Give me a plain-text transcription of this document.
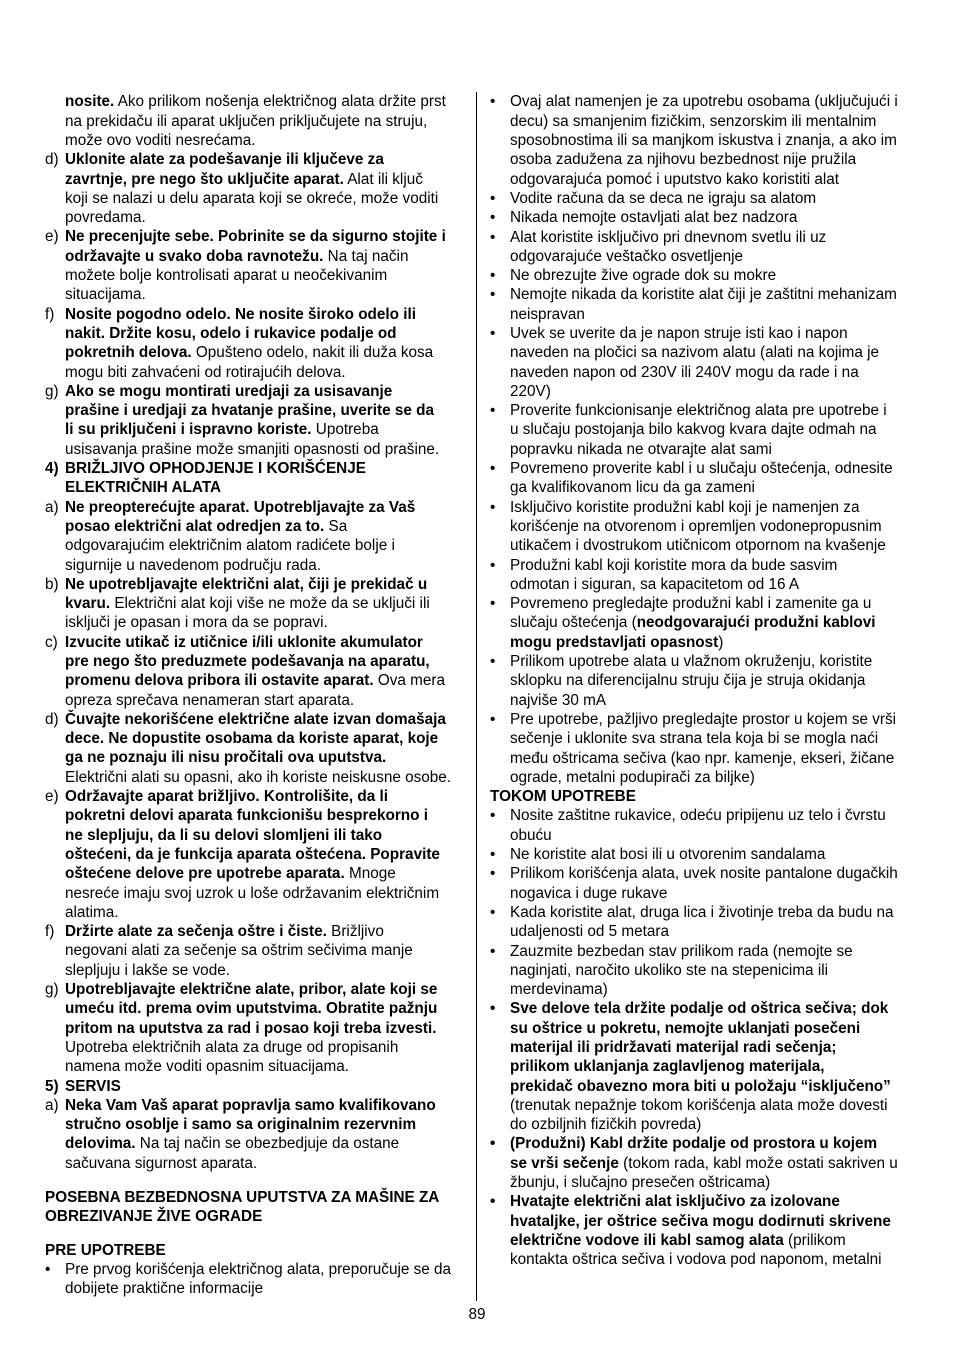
nosite. Ako prilikom nošenja električnog alata držite prst
na prekidaču ili aparat uključen priključujete na struju,
može ovo voditi nesrećama.
d) Uklonite alate za podešavanje ili ključeve za
zavrtnje, pre nego što uključite aparat. Alat ili ključ
koji se nalazi u delu aparata koji se okreće, može voditi
povredama.
e) Ne precenjujte sebe. Pobrinite se da sigurno stojite i
održavajte u svako doba ravnotežu. Na taj način
možete bolje kontrolisati aparat u neočekivanim
situacijama.
f) Nosite pogodno odelo. Ne nosite široko odelo ili
nakit. Držite kosu, odelo i rukavice podalje od
pokretnih delova. Opušteno odelo, nakit ili duža kosa
mogu biti zahvaćeni od rotirajućih delova.
g) Ako se mogu montirati uredjaji za usisavanje
prašine i uredjaji za hvatanje prašine, uverite se da
li su priključeni i ispravno koriste. Upotreba
usisavanja prašine može smanjiti opasnosti od prašine.
4) BRIŽLJIVO OPHODJENJE I KORIŠĆENJE
ELEKTRIČNIH ALATA
a) Ne preopterećujte aparat. Upotrebljavajte za Vaš
posao električni alat odredjen za to. Sa
odgovarajućim električnim alatom radićete bolje i
sigurnije u navedenom području rada.
b) Ne upotrebljavajte električni alat, čiji je prekidač u
kvaru. Električni alat koji više ne može da se uključi ili
isključi je opasan i mora da se popravi.
c) Izvucite utikač iz utičnice i/ili uklonite akumulator
pre nego što preduzmete podešavanja na aparatu,
promenu delova pribora ili ostavite aparat. Ova mera
opreza sprečava nenameran start aparata.
d) Čuvajte nekorišćene električne alate izvan domašaja
dece. Ne dopustite osobama da koriste aparat, koje
ga ne poznaju ili nisu pročitali ova uputstva.
Električni alati su opasni, ako ih koriste neiskusne osobe.
e) Održavajte aparat brižljivo. Kontrolišite, da li
pokretni delovi aparata funkcionišu besprekorno i
ne slepljuju, da li su delovi slomljeni ili tako
oštećeni, da je funkcija aparata oštećena. Popravite
oštećene delove pre upotrebe aparata. Mnoge
nesreće imaju svoj uzrok u loše održavanim električnim
alatima.
f) Držirte alate za sečenja oštre i čiste. Brižljivo
negovani alati za sečenje sa oštrim sečivima manje
slepljuju i lakše se vode.
g) Upotrebljavajte električne alate, pribor, alate koji se
umeću itd. prema ovim uputstvima. Obratite pažnju
pritom na uputstva za rad i posao koji treba izvesti.
Upotreba električnih alata za druge od propisanih
namena može voditi opasnim situacijama.
5) SERVIS
a) Neka Vam Vaš aparat popravlja samo kvalifikovano
stručno osoblje i samo sa originalnim rezervnim
delovima. Na taj način se obezbedjuje da ostane
sačuvana sigurnost aparata.
POSEBNA BEZBEDNOSNA UPUTSTVA ZA MAŠINE ZA
OBREZIVANJE ŽIVE OGRADE
PRE UPOTREBE
• Pre prvog korišćenja električnog alata, preporučuje se da
dobijete praktične informacije
• Ovaj alat namenjen je za upotrebu osobama (uključujući i
decu) sa smanjenim fizičkim, senzorskim ili mentalnim
sposobnostima ili sa manjkom iskustva i znanja, a ako im
osoba zadužena za njihovu bezbednost nije pružila
odgovarajuća pomoć i uputstvo kako koristiti alat
• Vodite računa da se deca ne igraju sa alatom
• Nikada nemojte ostavljati alat bez nadzora
• Alat koristite isključivo pri dnevnom svetlu ili uz
odgovarajuće veštačko osvetljenje
• Ne obrezujte žive ograde dok su mokre
• Nemojte nikada da koristite alat čiji je zaštitni mehanizam
neispravan
• Uvek se uverite da je napon struje isti kao i napon
naveden na pločici sa nazivom alatu (alati na kojima je
naveden napon od 230V ili 240V mogu da rade i na
220V)
• Proverite funkcionisanje električnog alata pre upotrebe i
u slučaju postojanja bilo kakvog kvara dajte odmah na
popravku nikada ne otvarajte alat sami
• Povremeno proverite kabl i u slučaju oštećenja, odnesite
ga kvalifikovanom licu da ga zameni
• Isključivo koristite produžni kabl koji je namenjen za
korišćenje na otvorenom i opremljen vodonepropusnim
utikačem i dvostrukom utičnicom otpornom na kvašenje
• Produžni kabl koji koristite mora da bude sasvim
odmotan i siguran, sa kapacitetom od 16 A
• Povremeno pregledajte produžni kabl i zamenite ga u
slučaju oštećenja (neodgovarajući produžni kablovi
mogu predstavljati opasnost)
• Prilikom upotrebe alata u vlažnom okruženju, koristite
sklopku na diferencijalnu struju čija je struja okidanja
najviše 30 mA
• Pre upotrebe, pažljivo pregledajte prostor u kojem se vrši
sečenje i uklonite sva strana tela koja bi se mogla naći
među oštricama sečiva (kao npr. kamenje, ekseri, žičane
ograde, metalni podupirači za biljke)
TOKOM UPOTREBE
• Nosite zaštitne rukavice, odeću pripijenu uz telo i čvrstu
obuću
• Ne koristite alat bosi ili u otvorenim sandalama
• Prilikom korišćenja alata, uvek nosite pantalone dugačkih
nogavica i duge rukave
• Kada koristite alat, druga lica i životinje treba da budu na
udaljenosti od 5 metara
• Zauzmite bezbedan stav prilikom rada (nemojte se
naginjati, naročito ukoliko ste na stepenicima ili
merdevinama)
• Sve delove tela držite podalje od oštrica sečiva; dok
su oštrice u pokretu, nemojte uklanjati posečeni
materijal ili pridržavati materijal radi sečenja;
prilikom uklanjanja zaglavljenog materijala,
prekidač obavezno mora biti u položaju “isključeno”
(trenutak nepažnje tokom korišćenja alata može dovesti
do ozbiljnih fizičkih povreda)
• (Produžni) Kabl držite podalje od prostora u kojem
se vrši sečenje (tokom rada, kabl može ostati sakriven u
žbunju, i slučajno presečen oštricama)
• Hvatajte električni alat isključivo za izolovane
hvataljke, jer oštrice sečiva mogu dodirnuti skrivene
električne vodove ili kabl samog alata (prilikom
kontakta oštrica sečiva i vodova pod naponom, metalni
89
